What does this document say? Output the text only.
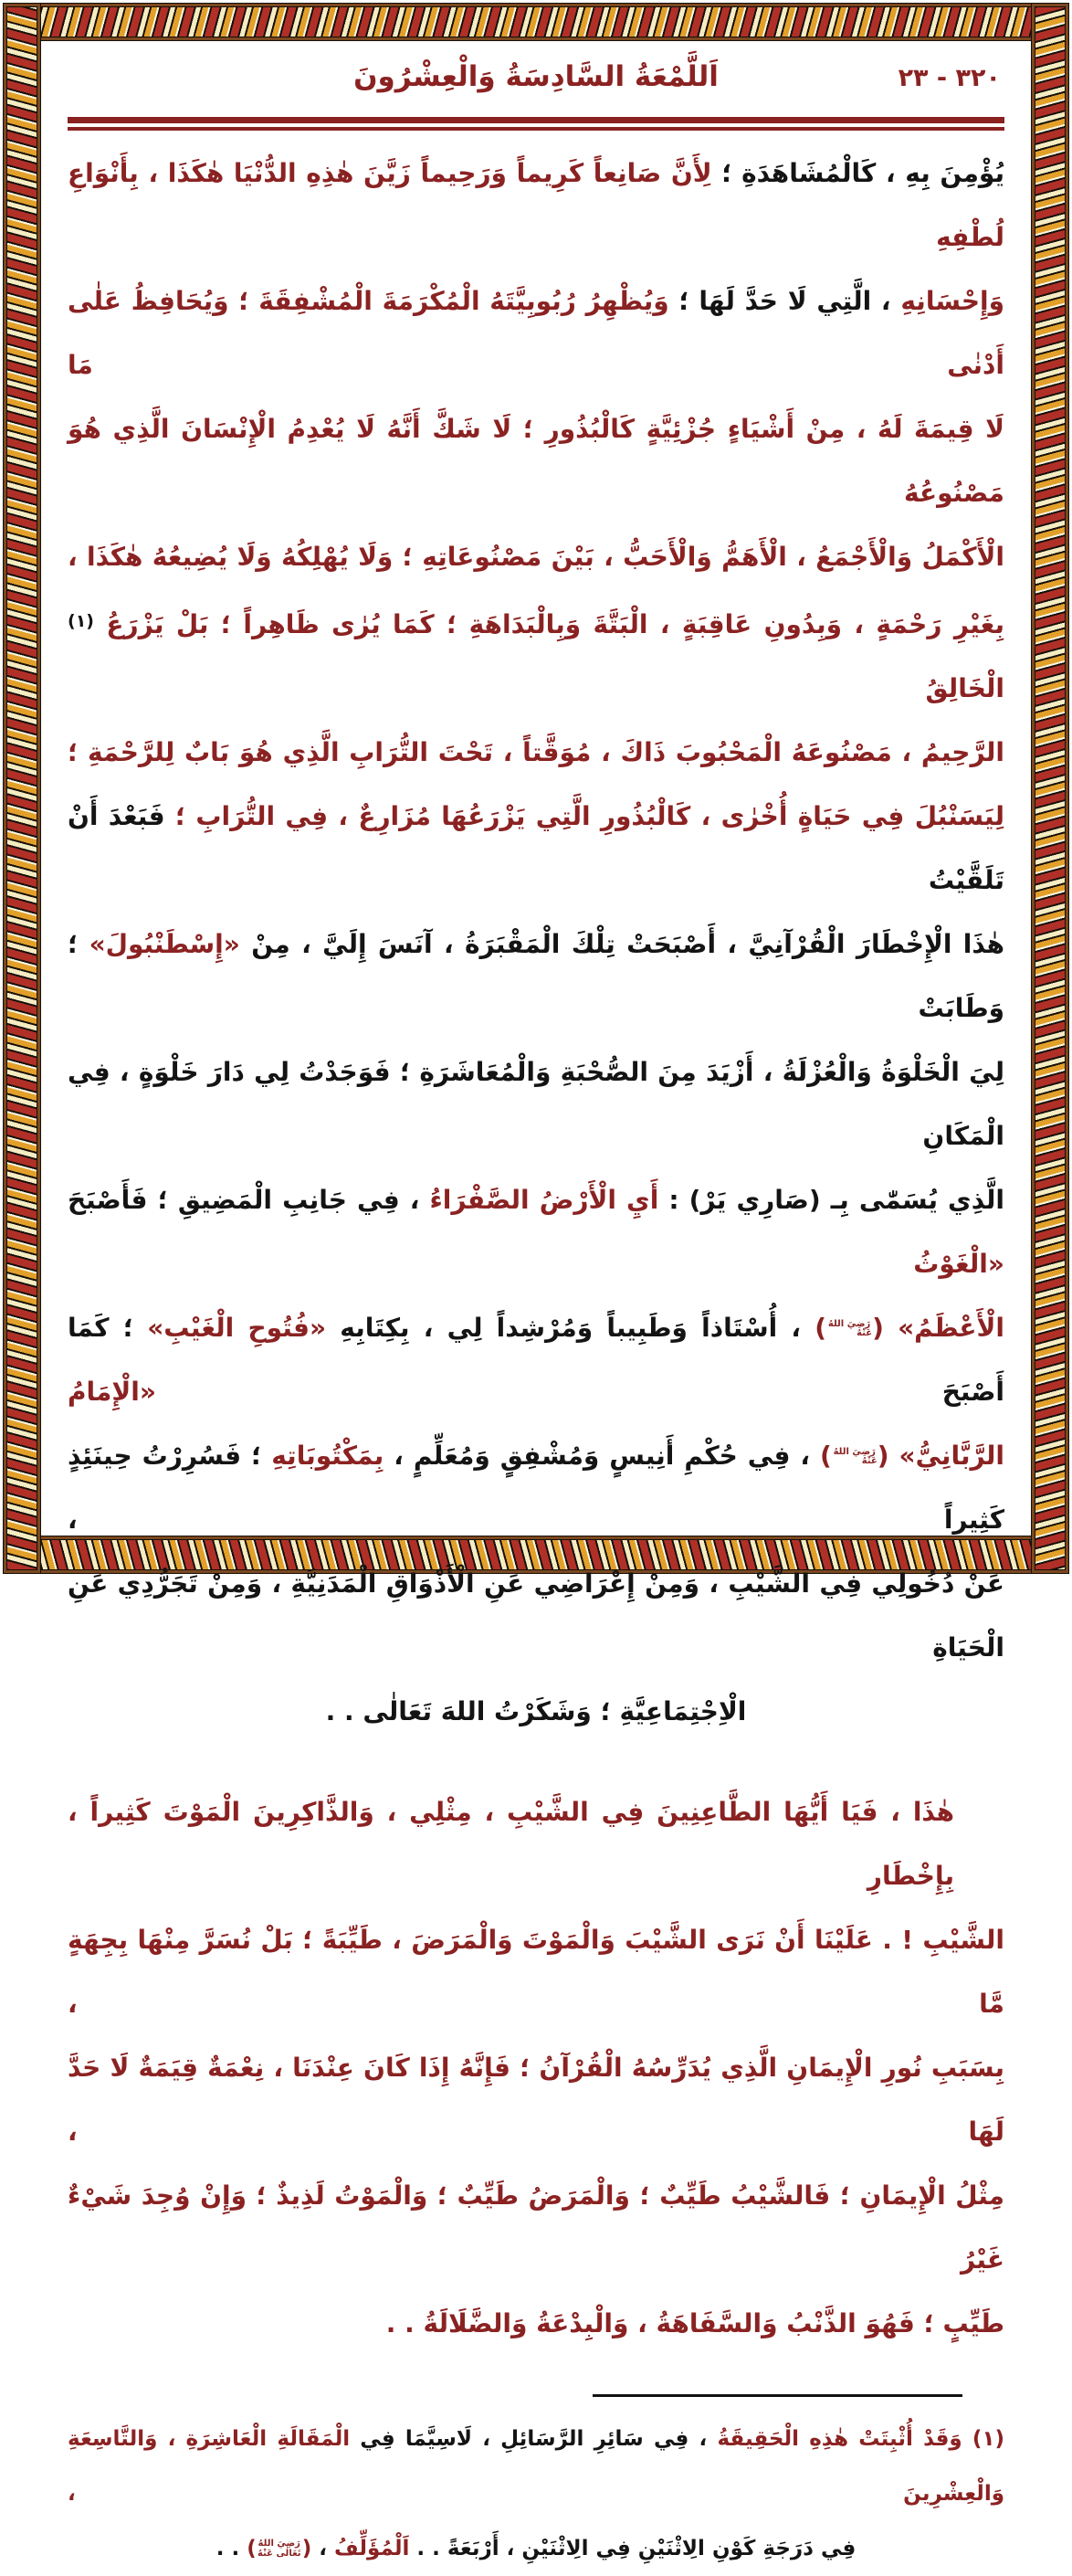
٣٢٠ - ٢٣
اَللَّمْعَةُ السَّادِسَةُ وَالْعِشْرُونَ
يُؤْمِنَ بِهِ ، كَالْمُشَاهَدَةِ ؛ لِأَنَّ صَانِعاً كَرِيماً وَرَحِيماً زَيَّنَ هٰذِهِ الدُّنْيَا هٰكَذَا ، بِأَنْوَاعِ لُطْفِهِ
وَإِحْسَانِهِ ، الَّتِي لَا حَدَّ لَهَا ؛ وَيُظْهِرُ رُبُوبِيَّتَهُ الْمُكْرَمَةَ الْمُشْفِقَةَ ؛ وَيُحَافِظُ عَلٰى أَدْنٰى مَا
لَا قِيمَةَ لَهُ ، مِنْ أَشْيَاءٍ جُزْئِيَّةٍ كَالْبُذُورِ ؛ لَا شَكَّ أَنَّهُ لَا يُعْدِمُ الْإِنْسَانَ الَّذِي هُوَ مَصْنُوعُهُ
الْأَكْمَلُ وَالْأَجْمَعُ ، الْأَهَمُّ وَالْأَحَبُّ ، بَيْنَ مَصْنُوعَاتِهِ ؛ وَلَا يُهْلِكُهُ وَلَا يُضِيعُهُ هٰكَذَا ،
بِغَيْرِ رَحْمَةٍ ، وَبِدُونِ عَاقِبَةٍ ، الْبَتَّةَ وَبِالْبَدَاهَةِ ؛ كَمَا يُرٰى ظَاهِراً ؛ بَلْ يَزْرَعُ $^{(١)}$ الْخَالِقُ
الرَّحِيمُ ، مَصْنُوعَهُ الْمَحْبُوبَ ذَاكَ ، مُوَقَّتاً ، تَحْتَ التُّرَابِ الَّذِي هُوَ بَابٌ لِلرَّحْمَةِ ؛
لِيَسَنْبُلَ فِي حَيَاةٍ أُخْرٰى ، كَالْبُذُورِ الَّتِي يَزْرَعُهَا مُزَارِعٌ ، فِي التُّرَابِ ؛ فَبَعْدَ أَنْ تَلَقَّيْتُ
هٰذَا الْإِخْطَارَ الْقُرْآنِيَّ ، أَصْبَحَتْ تِلْكَ الْمَقْبَرَةُ ، آنَسَ إِلَيَّ ، مِنْ «إِسْطَنْبُولَ» ؛ وَطَابَتْ
لِيَ الْخَلْوَةُ وَالْعُزْلَةُ ، أَزْيَدَ مِنَ الصُّحْبَةِ وَالْمُعَاشَرَةِ ؛ فَوَجَدْتُ لِي دَارَ خَلْوَةٍ ، فِي الْمَكَانِ
الَّذِي يُسَمّٰى بِـ (صَارِي يَرْ) : أَيِ الْأَرْضُ الصَّفْرَاءُ ، فِي جَانِبِ الْمَضِيقِ ؛ فَأَصْبَحَ «الْغَوْثُ
الْأَعْظَمُ» (رَضِيَ اللهُ عَنْهُ) ، أُسْتَاذاً وَطَبِيباً وَمُرْشِداً لِي ، بِكِتَابِهِ «فُتُوحِ الْغَيْبِ» ؛ كَمَا أَصْبَحَ «الْإِمَامُ
الرَّبَّانِيُّ» (رَضِيَ اللهُ عَنْهُ) ، فِي حُكْمِ أَنِيسٍ وَمُشْفِقٍ وَمُعَلِّمٍ ، بِمَكْتُوبَاتِهِ ؛ فَسُرِرْتُ حِينَئِذٍ كَثِيراً ،
عَنْ دُخُولِي فِي الشَّيْبِ ، وَمِنْ إِعْرَاضِي عَنِ الْأَذْوَاقِ الْمَدَنِيَّةِ ، وَمِنْ تَجَرُّدِي عَنِ الْحَيَاةِ
الْاِجْتِمَاعِيَّةِ ؛ وَشَكَرْتُ اللهَ تَعَالٰى . .
هٰذَا ، فَيَا أَيُّهَا الطَّاعِنِينَ فِي الشَّيْبِ ، مِثْلِي ، وَالذَّاكِرِينَ الْمَوْتَ كَثِيراً ، بِإِخْطَارِ
الشَّيْبِ ! . عَلَيْنَا أَنْ نَرَى الشَّيْبَ وَالْمَوْتَ وَالْمَرَضَ ، طَيِّبَةً ؛ بَلْ نُسَرَّ مِنْهَا بِجِهَةٍ مَّا ،
بِسَبَبِ نُورِ الْإِيمَانِ الَّذِي يُدَرِّسُهُ الْقُرْآنُ ؛ فَإِنَّهُ إِذَا كَانَ عِنْدَنَا ، نِعْمَةٌ قِيَمَةٌ لَا حَدَّ لَهَا ،
مِثْلُ الْإِيمَانِ ؛ فَالشَّيْبُ طَيِّبٌ ؛ وَالْمَرَضُ طَيِّبٌ ؛ وَالْمَوْتُ لَذِيذٌ ؛ وَإِنْ وُجِدَ شَيْءٌ غَيْرُ
طَيِّبٍ ؛ فَهُوَ الذَّنْبُ وَالسَّفَاهَةُ ، وَالْبِدْعَةُ وَالضَّلَالَةُ . .
(١) وَقَدْ أُثْبِتَتْ هٰذِهِ الْحَقِيقَةُ ، فِي سَائِرِ الرَّسَائِلِ ، لَاسِيَّمَا فِي الْمَقَالَةِ الْعَاشِرَةِ ، وَالتَّاسِعَةِ وَالْعِشْرِينَ ،
فِي دَرَجَةِ كَوْنِ الِاثْنَيْنِ فِي الِاثْنَيْنِ ، أَرْبَعَةً . . اَلْمُؤَلِّفُ ، (رَضِيَ اللهُ تَعَالٰى عَنْهُ) . .
